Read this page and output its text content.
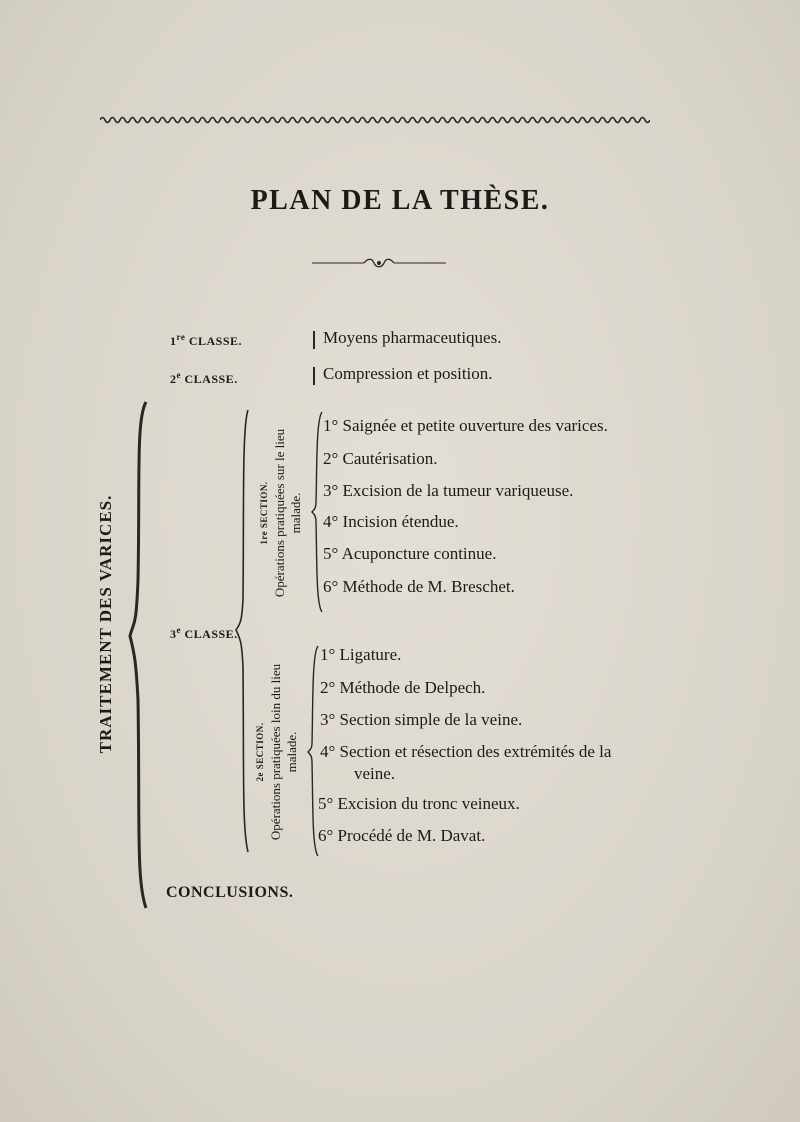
PLAN DE LA THÈSE.
1re CLASSE.	Moyens pharmaceutiques.
2e CLASSE.	Compression et position.
TRAITEMENT DES VARICES.	3e CLASSE.
1re SECTION. Opérations pratiquées sur le lieu
malade.
1° Saignée et petite ouverture des varices.
2° Cautérisation.
3° Excision de la tumeur variqueuse.
4° Incision étendue.
5° Acuponcture continue.
6° Méthode de M. Breschet.
2e SECTION. Opérations pratiquées loin du lieu
malade.
1° Ligature.
2° Méthode de Delpech.
3° Section simple de la veine.
4° Section et résection des extrémités de la
veine.
5° Excision du tronc veineux.
6° Procédé de M. Davat.
CONCLUSIONS.
